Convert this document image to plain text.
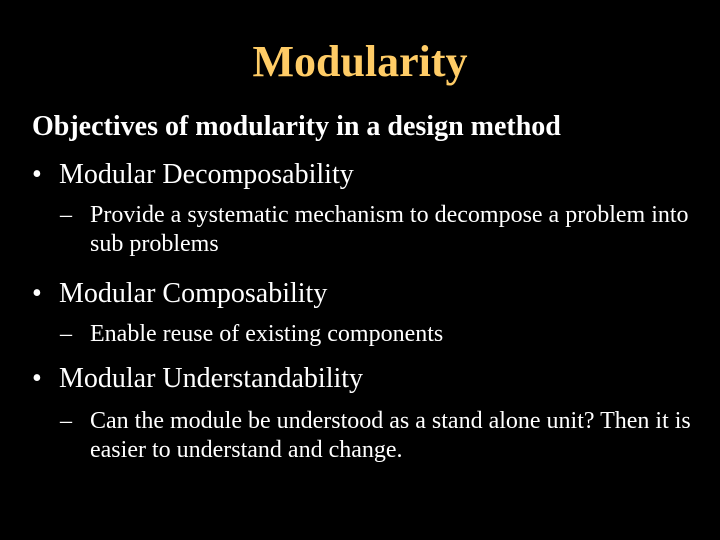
Modularity

Objectives of modularity in a design method

• Modular Decomposability
– Provide a systematic mechanism to decompose a problem into sub problems
• Modular Composability
– Enable reuse of existing components
• Modular Understandability
– Can the module be understood as a stand alone unit? Then it is easier to understand and change.
